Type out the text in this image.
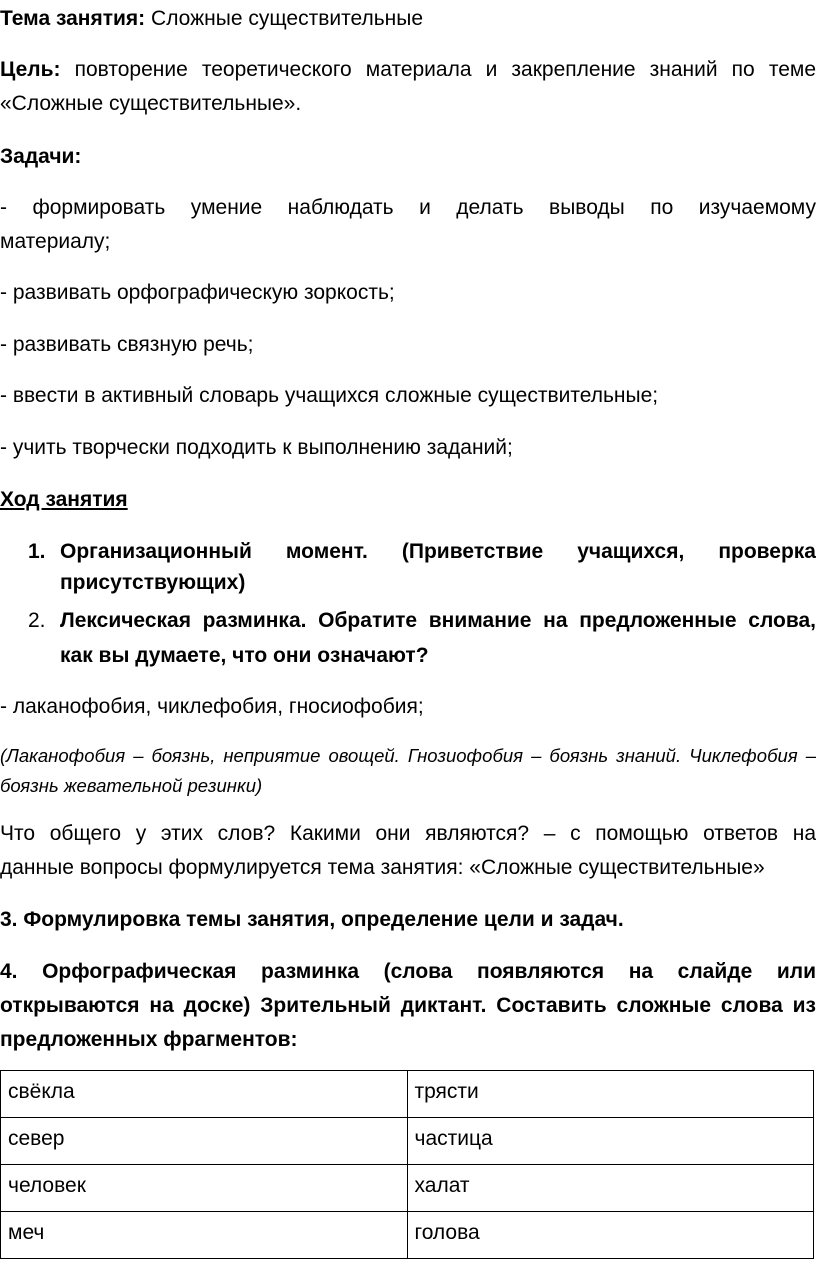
Тема занятия: Сложные существительные
Цель: повторение теоретического материала и закрепление знаний по теме
«Сложные существительные».
Задачи:
- формировать умение наблюдать и делать выводы по изучаемому
материалу;
- развивать орфографическую зоркость;
- развивать связную речь;
- ввести в активный словарь учащихся сложные существительные;
- учить творчески подходить к выполнению заданий;
Ход занятия
1. Организационный момент. (Приветствие учащихся, проверка
присутствующих)
2. Лексическая разминка. Обратите внимание на предложенные слова,
как вы думаете, что они означают?
- лаканофобия, чиклефобия, гносиофобия;
(Лаканофобия – боязнь, неприятие овощей. Гнозиофобия – боязнь знаний. Чиклефобия –
боязнь жевательной резинки)
Что общего у этих слов? Какими они являются? – с помощью ответов на
данные вопросы формулируется тема занятия: «Сложные существительные»
3. Формулировка темы занятия, определение цели и задач.
4. Орфографическая разминка (слова появляются на слайде или
открываются на доске) Зрительный диктант. Составить сложные слова из
предложенных фрагментов:
свёкла	трясти
север	частица
человек	халат
меч	голова
